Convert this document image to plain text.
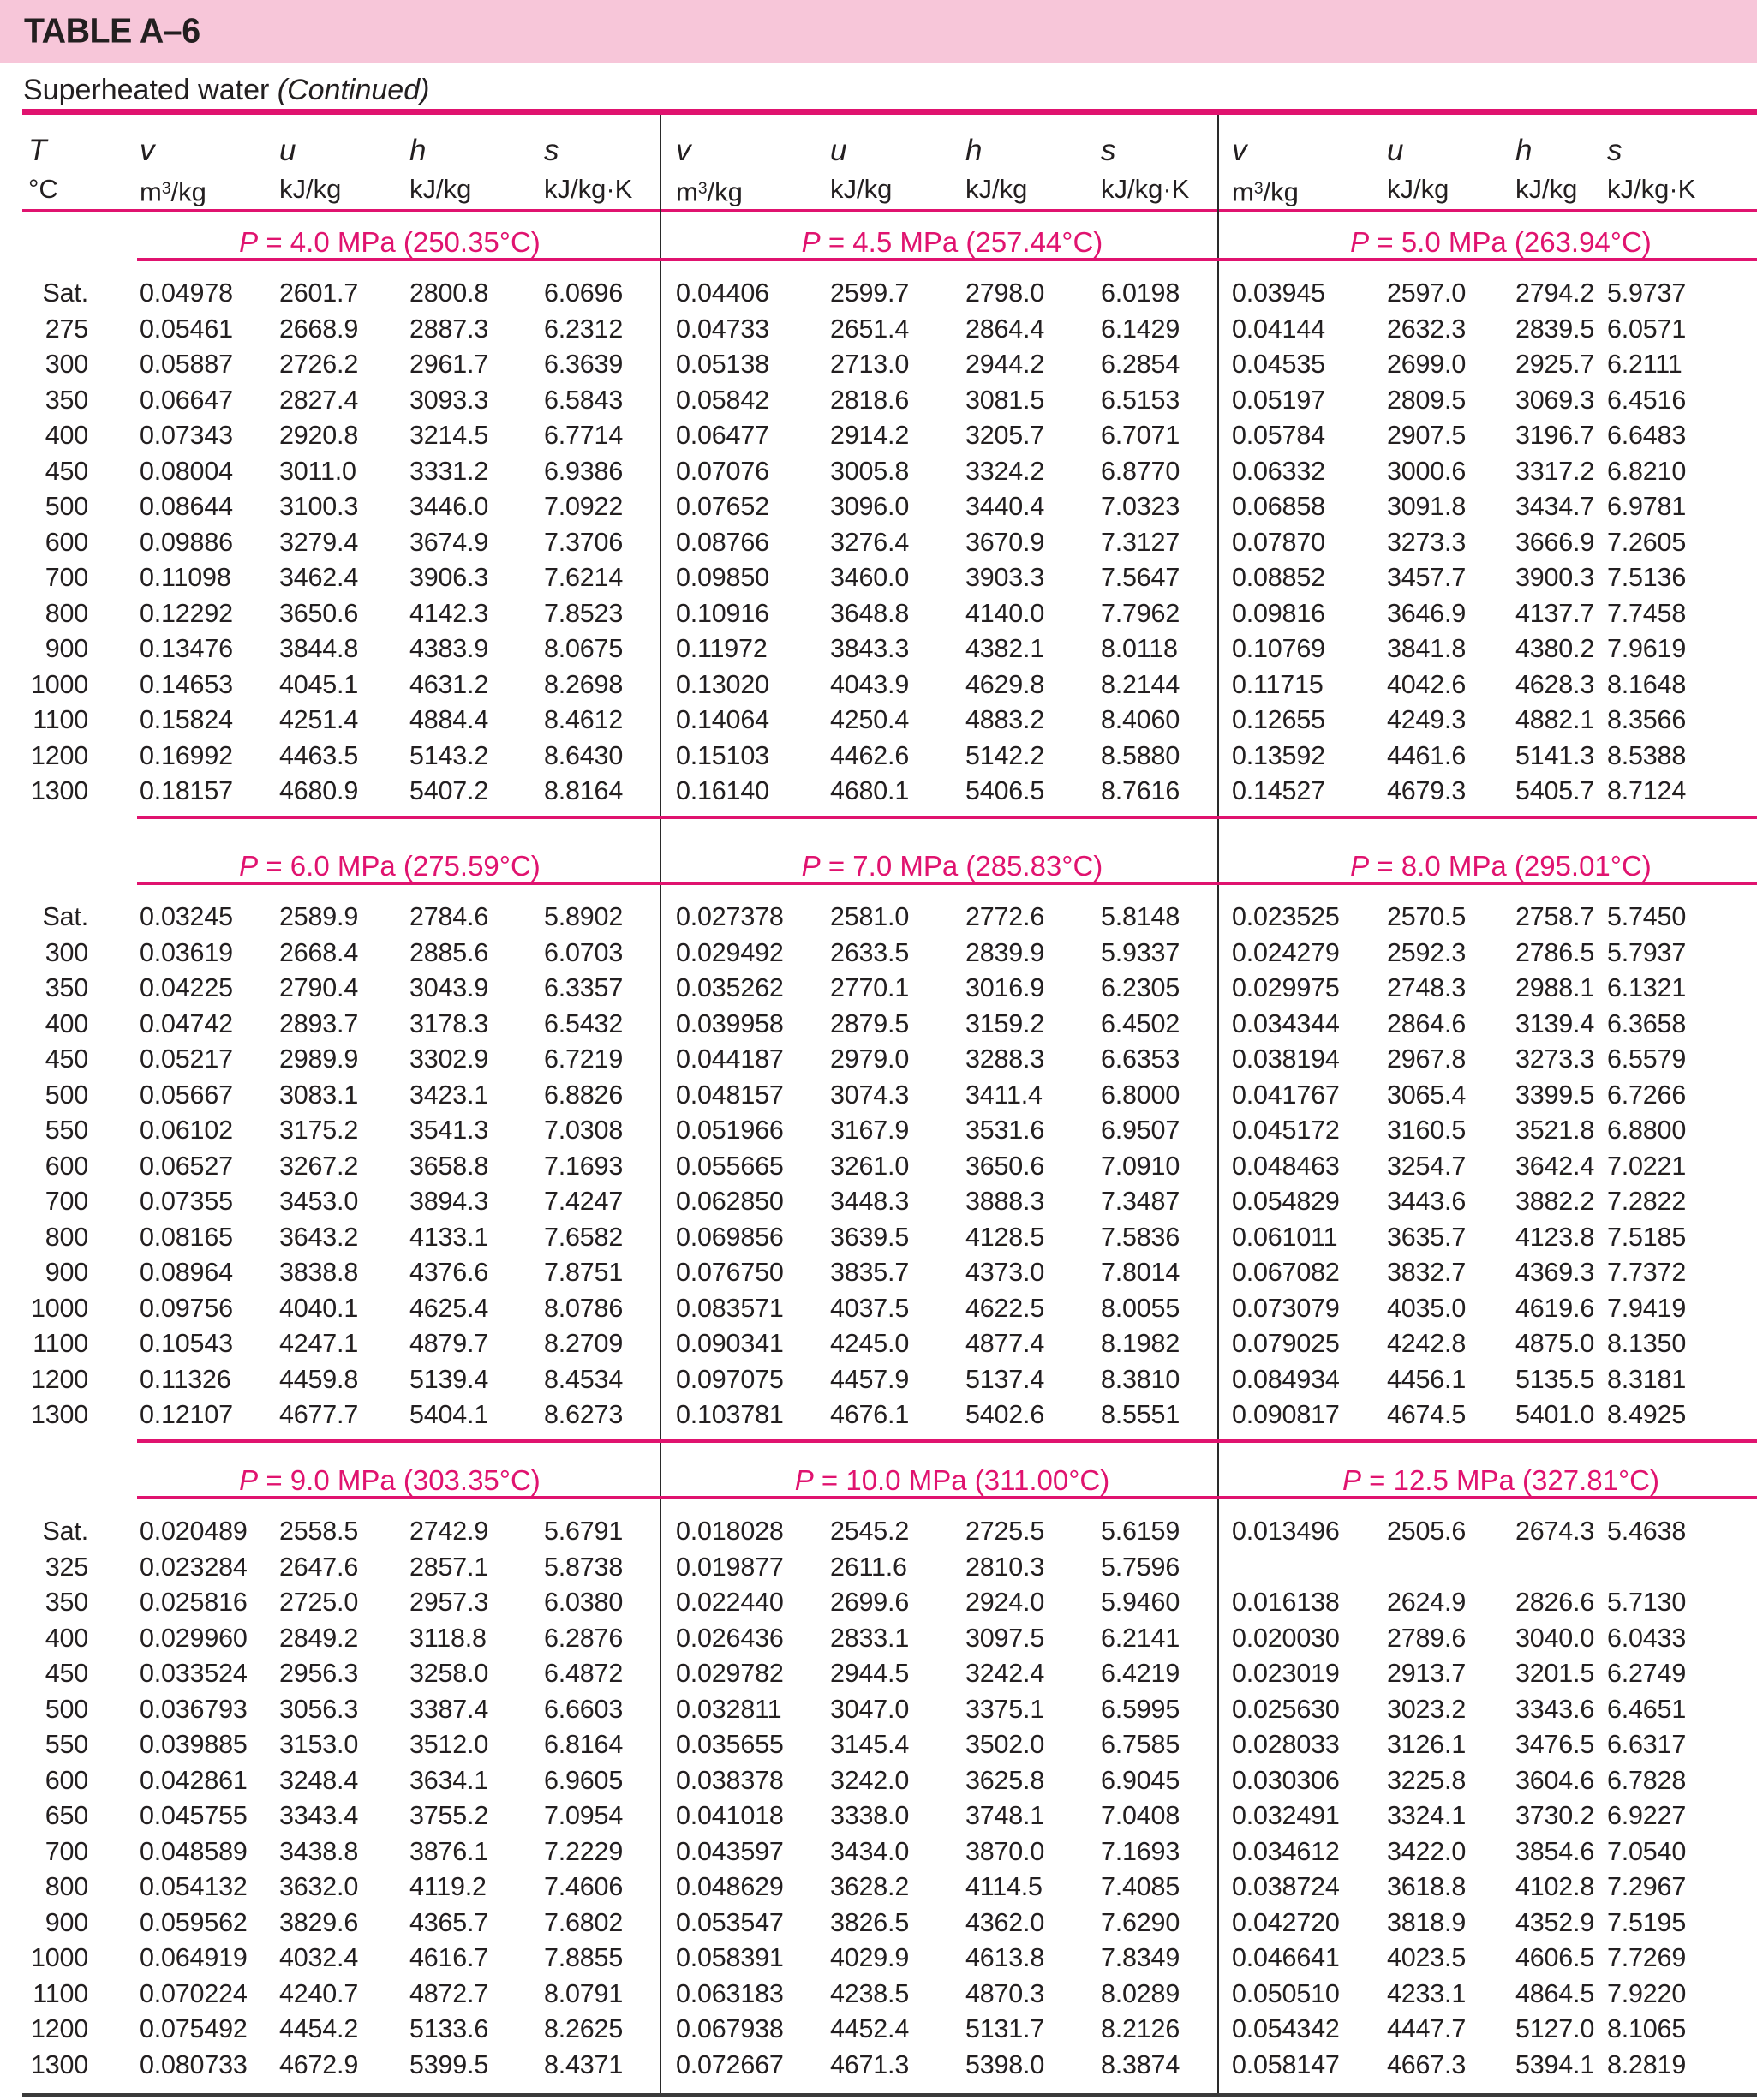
TABLE A–6
Superheated water (Continued)
T	v	u	h	s	v	u	h	s	v	u	h	s
°C	$m^3/kg$	kJ/kg	kJ/kg	kJ/kg·K	$m^3/kg$	kJ/kg	kJ/kg	kJ/kg·K	$m^3/kg$	kJ/kg	kJ/kg	kJ/kg·K
P = 4.0 MPa (250.35°C)	P = 4.5 MPa (257.44°C)	P = 5.0 MPa (263.94°C)
Sat.	0.04978	2601.7	2800.8	6.0696	0.04406	2599.7	2798.0	6.0198	0.03945	2597.0	2794.2 5.9737
275	0.05461	2668.9	2887.3	6.2312	0.04733	2651.4	2864.4	6.1429	0.04144	2632.3	2839.5 6.0571
300	0.05887	2726.2	2961.7	6.3639	0.05138	2713.0	2944.2	6.2854	0.04535	2699.0	2925.7 6.2111
350	0.06647	2827.4	3093.3	6.5843	0.05842	2818.6	3081.5	6.5153	0.05197	2809.5	3069.3 6.4516
400	0.07343	2920.8	3214.5	6.7714	0.06477	2914.2	3205.7	6.7071	0.05784	2907.5	3196.7 6.6483
450	0.08004	3011.0	3331.2	6.9386	0.07076	3005.8	3324.2	6.8770	0.06332	3000.6	3317.2 6.8210
500	0.08644	3100.3	3446.0	7.0922	0.07652	3096.0	3440.4	7.0323	0.06858	3091.8	3434.7 6.9781
600	0.09886	3279.4	3674.9	7.3706	0.08766	3276.4	3670.9	7.3127	0.07870	3273.3	3666.9 7.2605
700	0.11098	3462.4	3906.3	7.6214	0.09850	3460.0	3903.3	7.5647	0.08852	3457.7	3900.3 7.5136
800	0.12292	3650.6	4142.3	7.8523	0.10916	3648.8	4140.0	7.7962	0.09816	3646.9	4137.7 7.7458
900	0.13476	3844.8	4383.9	8.0675	0.11972	3843.3	4382.1	8.0118	0.10769	3841.8	4380.2 7.9619
1000	0.14653	4045.1	4631.2	8.2698	0.13020	4043.9	4629.8	8.2144	0.11715	4042.6	4628.3 8.1648
1100	0.15824	4251.4	4884.4	8.4612	0.14064	4250.4	4883.2	8.4060	0.12655	4249.3	4882.1 8.3566
1200	0.16992	4463.5	5143.2	8.6430	0.15103	4462.6	5142.2	8.5880	0.13592	4461.6	5141.3 8.5388
1300	0.18157	4680.9	5407.2	8.8164	0.16140	4680.1	5406.5	8.7616	0.14527	4679.3	5405.7 8.7124
P = 6.0 MPa (275.59°C)	P = 7.0 MPa (285.83°C)	P = 8.0 MPa (295.01°C)
Sat.	0.03245	2589.9	2784.6	5.8902	0.027378	2581.0	2772.6	5.8148	0.023525	2570.5	2758.7 5.7450
300	0.03619	2668.4	2885.6	6.0703	0.029492	2633.5	2839.9	5.9337	0.024279	2592.3	2786.5 5.7937
350	0.04225	2790.4	3043.9	6.3357	0.035262	2770.1	3016.9	6.2305	0.029975	2748.3	2988.1 6.1321
400	0.04742	2893.7	3178.3	6.5432	0.039958	2879.5	3159.2	6.4502	0.034344	2864.6	3139.4 6.3658
450	0.05217	2989.9	3302.9	6.7219	0.044187	2979.0	3288.3	6.6353	0.038194	2967.8	3273.3 6.5579
500	0.05667	3083.1	3423.1	6.8826	0.048157	3074.3	3411.4	6.8000	0.041767	3065.4	3399.5 6.7266
550	0.06102	3175.2	3541.3	7.0308	0.051966	3167.9	3531.6	6.9507	0.045172	3160.5	3521.8 6.8800
600	0.06527	3267.2	3658.8	7.1693	0.055665	3261.0	3650.6	7.0910	0.048463	3254.7	3642.4 7.0221
700	0.07355	3453.0	3894.3	7.4247	0.062850	3448.3	3888.3	7.3487	0.054829	3443.6	3882.2 7.2822
800	0.08165	3643.2	4133.1	7.6582	0.069856	3639.5	4128.5	7.5836	0.061011	3635.7	4123.8 7.5185
900	0.08964	3838.8	4376.6	7.8751	0.076750	3835.7	4373.0	7.8014	0.067082	3832.7	4369.3 7.7372
1000	0.09756	4040.1	4625.4	8.0786	0.083571	4037.5	4622.5	8.0055	0.073079	4035.0	4619.6 7.9419
1100	0.10543	4247.1	4879.7	8.2709	0.090341	4245.0	4877.4	8.1982	0.079025	4242.8	4875.0 8.1350
1200	0.11326	4459.8	5139.4	8.4534	0.097075	4457.9	5137.4	8.3810	0.084934	4456.1	5135.5 8.3181
1300	0.12107	4677.7	5404.1	8.6273	0.103781	4676.1	5402.6	8.5551	0.090817	4674.5	5401.0 8.4925
P = 9.0 MPa (303.35°C)	P = 10.0 MPa (311.00°C)	P = 12.5 MPa (327.81°C)
Sat.	0.020489	2558.5	2742.9	5.6791	0.018028	2545.2	2725.5	5.6159	0.013496	2505.6	2674.3 5.4638
325	0.023284	2647.6	2857.1	5.8738	0.019877	2611.6	2810.3	5.7596
350	0.025816	2725.0	2957.3	6.0380	0.022440	2699.6	2924.0	5.9460	0.016138	2624.9	2826.6 5.7130
400	0.029960	2849.2	3118.8	6.2876	0.026436	2833.1	3097.5	6.2141	0.020030	2789.6	3040.0 6.0433
450	0.033524	2956.3	3258.0	6.4872	0.029782	2944.5	3242.4	6.4219	0.023019	2913.7	3201.5 6.2749
500	0.036793	3056.3	3387.4	6.6603	0.032811	3047.0	3375.1	6.5995	0.025630	3023.2	3343.6 6.4651
550	0.039885	3153.0	3512.0	6.8164	0.035655	3145.4	3502.0	6.7585	0.028033	3126.1	3476.5 6.6317
600	0.042861	3248.4	3634.1	6.9605	0.038378	3242.0	3625.8	6.9045	0.030306	3225.8	3604.6 6.7828
650	0.045755	3343.4	3755.2	7.0954	0.041018	3338.0	3748.1	7.0408	0.032491	3324.1	3730.2 6.9227
700	0.048589	3438.8	3876.1	7.2229	0.043597	3434.0	3870.0	7.1693	0.034612	3422.0	3854.6 7.0540
800	0.054132	3632.0	4119.2	7.4606	0.048629	3628.2	4114.5	7.4085	0.038724	3618.8	4102.8 7.2967
900	0.059562	3829.6	4365.7	7.6802	0.053547	3826.5	4362.0	7.6290	0.042720	3818.9	4352.9 7.5195
1000	0.064919	4032.4	4616.7	7.8855	0.058391	4029.9	4613.8	7.8349	0.046641	4023.5	4606.5 7.7269
1100	0.070224	4240.7	4872.7	8.0791	0.063183	4238.5	4870.3	8.0289	0.050510	4233.1	4864.5 7.9220
1200	0.075492	4454.2	5133.6	8.2625	0.067938	4452.4	5131.7	8.2126	0.054342	4447.7	5127.0 8.1065
1300	0.080733	4672.9	5399.5	8.4371	0.072667	4671.3	5398.0	8.3874	0.058147	4667.3	5394.1 8.2819
